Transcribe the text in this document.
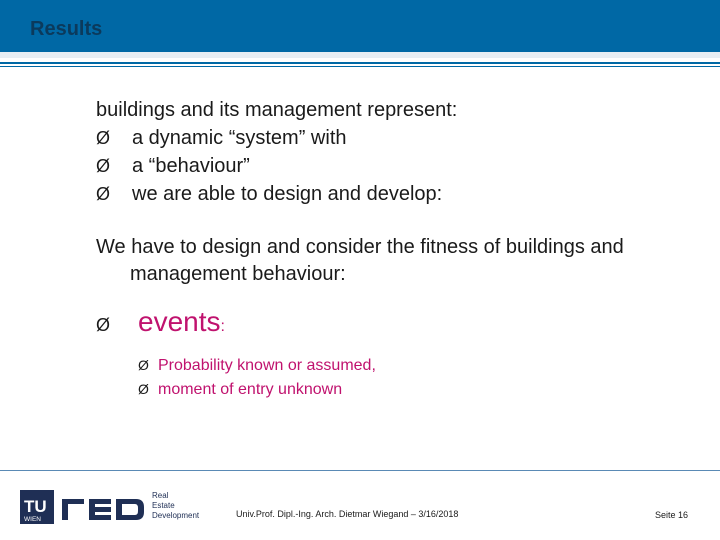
Results

buildings and its management represent:

Ø	a dynamic “system” with
Ø	a “behaviour”
Ø	we are able to design and develop:
We have to design and consider the fitness of buildings and management behaviour:
Ø events :
Ø Probability known or assumed,
Ø moment of entry unknown
TU
WIEN
Real
Estate
Development	Univ.Prof. Dipl.-Ing. Arch. Dietmar Wiegand – 3/16/2018	Seite 16
